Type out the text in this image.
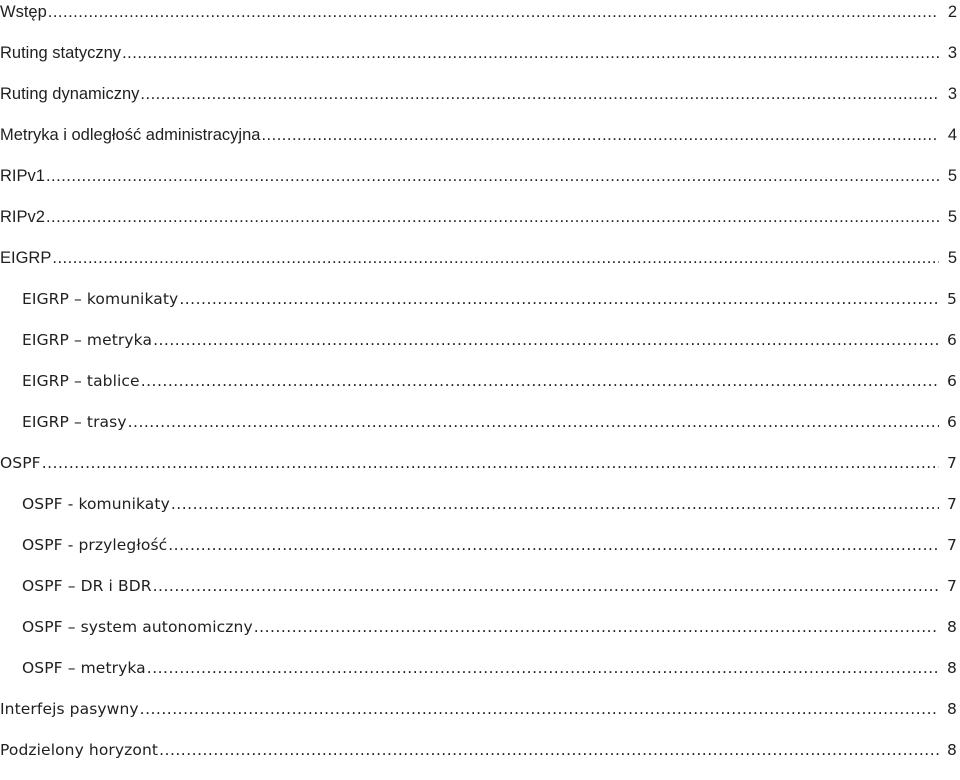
Wstęp .....	2
Ruting statyczny .....	3
Ruting dynamiczny .....	3
Metryka i odległość administracyjna .....	4
RIPv1 .....	5
RIPv2 .....	5
EIGRP .....	5
EIGRP – komunikaty .....	5
EIGRP – metryka .....	6
EIGRP – tablice .....	6
EIGRP – trasy .....	6
OSPF .....	7
OSPF - komunikaty .....	7
OSPF - przyległość .....	7
OSPF – DR i BDR .....	7
OSPF – system autonomiczny .....	8
OSPF – metryka .....	8
Interfejs pasywny .....	8
Podzielony horyzont .....	8
